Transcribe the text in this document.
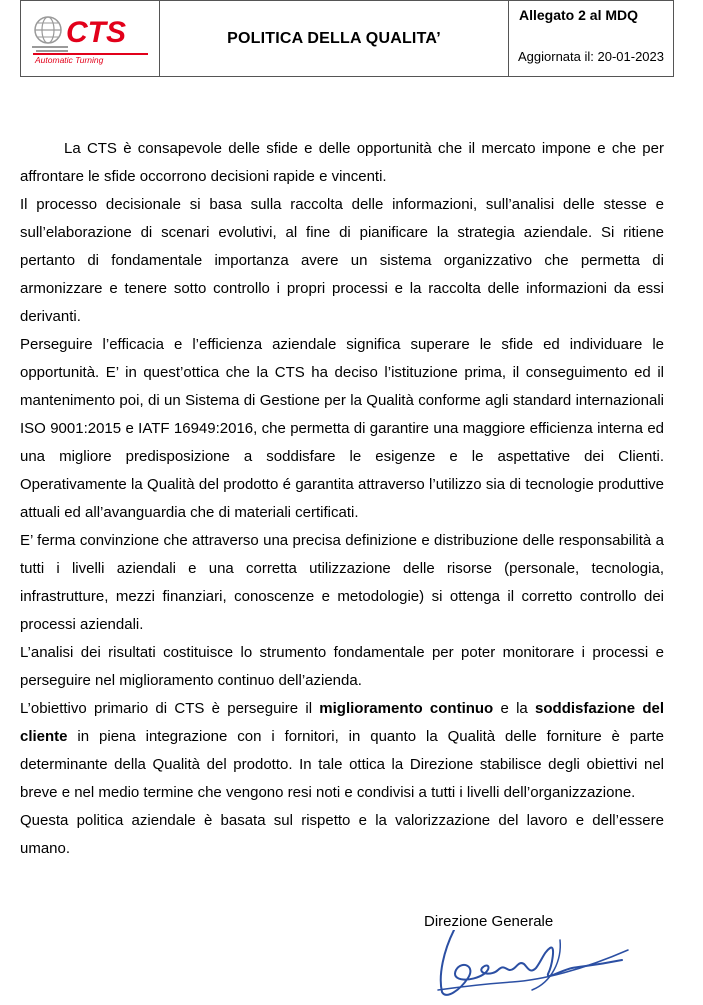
	POLITICA DELLA QUALITA’	
Allegato 2 al MDQ
Aggiornata il: 20-01-2023
CTS
Automatic Turning

La CTS è consapevole delle sfide e delle opportunità che il mercato impone e che per affrontare le sfide occorrono decisioni rapide e vincenti.

Il processo decisionale si basa sulla raccolta delle informazioni, sull’analisi delle stesse e sull’elaborazione di scenari evolutivi, al fine di pianificare la strategia aziendale. Si ritiene pertanto di fondamentale importanza avere un sistema organizzativo che permetta di armonizzare e tenere sotto controllo i propri processi e la raccolta delle informazioni da essi derivanti.

Perseguire l’efficacia e l’efficienza aziendale significa superare le sfide ed individuare le opportunità. E’ in quest’ottica che la CTS ha deciso l’istituzione prima, il conseguimento ed il mantenimento poi, di un Sistema di Gestione per la Qualità conforme agli standard internazionali ISO 9001:2015 e IATF 16949:2016, che permetta di garantire una maggiore efficienza interna ed una migliore predisposizione a soddisfare le esigenze e le aspettative dei Clienti. Operativamente la Qualità del prodotto é garantita attraverso l’utilizzo sia di tecnologie produttive attuali ed all’avanguardia che di materiali certificati.

E’ ferma convinzione che attraverso una precisa definizione e distribuzione delle responsabilità a tutti i livelli aziendali e una corretta utilizzazione delle risorse (personale, tecnologia, infrastrutture, mezzi finanziari, conoscenze e metodologie) si ottenga il corretto controllo dei processi aziendali.

L’analisi dei risultati costituisce lo strumento fondamentale per poter monitorare i processi e perseguire nel miglioramento continuo dell’azienda.

L’obiettivo primario di CTS è perseguire il miglioramento continuo e la soddisfazione del cliente in piena integrazione con i fornitori, in quanto la Qualità delle forniture è parte determinante della Qualità del prodotto. In tale ottica la Direzione stabilisce degli obiettivi nel breve e nel medio termine che vengono resi noti e condivisi a tutti i livelli dell’organizzazione.

Questa politica aziendale è basata sul rispetto e la valorizzazione del lavoro e dell’essere umano.

Direzione Generale
